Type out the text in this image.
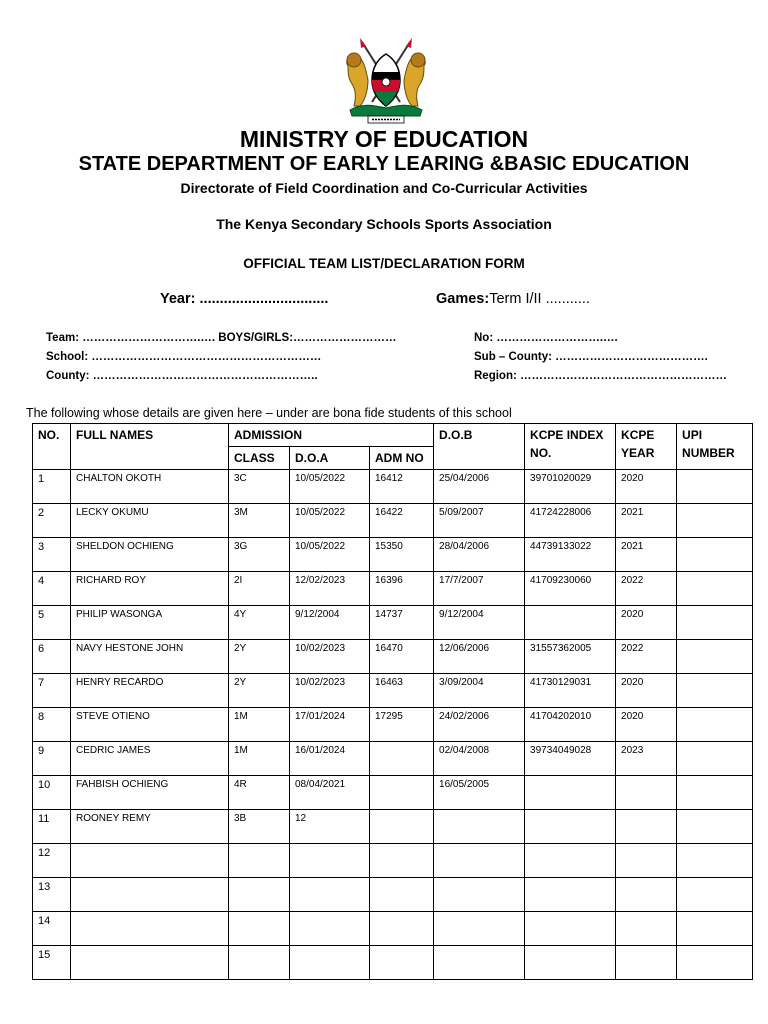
MINISTRY OF EDUCATION
STATE DEPARTMENT OF EARLY LEARING &BASIC EDUCATION
Directorate of Field Coordination and Co-Curricular Activities
The Kenya Secondary Schools Sports Association
OFFICIAL TEAM LIST/DECLARATION FORM
Year: ................................	Games:Term I/II ...........
Team: ………………………….…. BOYS/GIRLS:………………………
School: ……………………………………………………
County: …………………………………………………..
No: ……………………….….
Sub – County: ………………………………….
Region: ………………………………………………
The following whose details are given here – under are bona fide students of this school
NO.	FULL NAMES	ADMISSION			D.O.B	KCPE INDEX NO.	KCPE YEAR	UPI NUMBER
		CLASS	D.O.A	ADM NO				
1	CHALTON OKOTH	3C	10/05/2022	16412	25/04/2006	39701020029	2020	
2	LECKY OKUMU	3M	10/05/2022	16422	5/09/2007	41724228006	2021	
3	SHELDON OCHIENG	3G	10/05/2022	15350	28/04/2006	44739133022	2021	
4	RICHARD ROY	2I	12/02/2023	16396	17/7/2007	41709230060	2022	
5	PHILIP WASONGA	4Y	9/12/2004	14737	9/12/2004		2020	
6	NAVY HESTONE JOHN	2Y	10/02/2023	16470	12/06/2006	31557362005	2022	
7	HENRY RECARDO	2Y	10/02/2023	16463	3/09/2004	41730129031	2020	
8	STEVE OTIENO	1M	17/01/2024	17295	24/02/2006	41704202010	2020	
9	CEDRIC JAMES	1M	16/01/2024		02/04/2008	39734049028	2023	
10	FAHBISH OCHIENG	4R	08/04/2021		16/05/2005			
11	ROONEY REMY	3B	12					
12								
13								
14								
15								
